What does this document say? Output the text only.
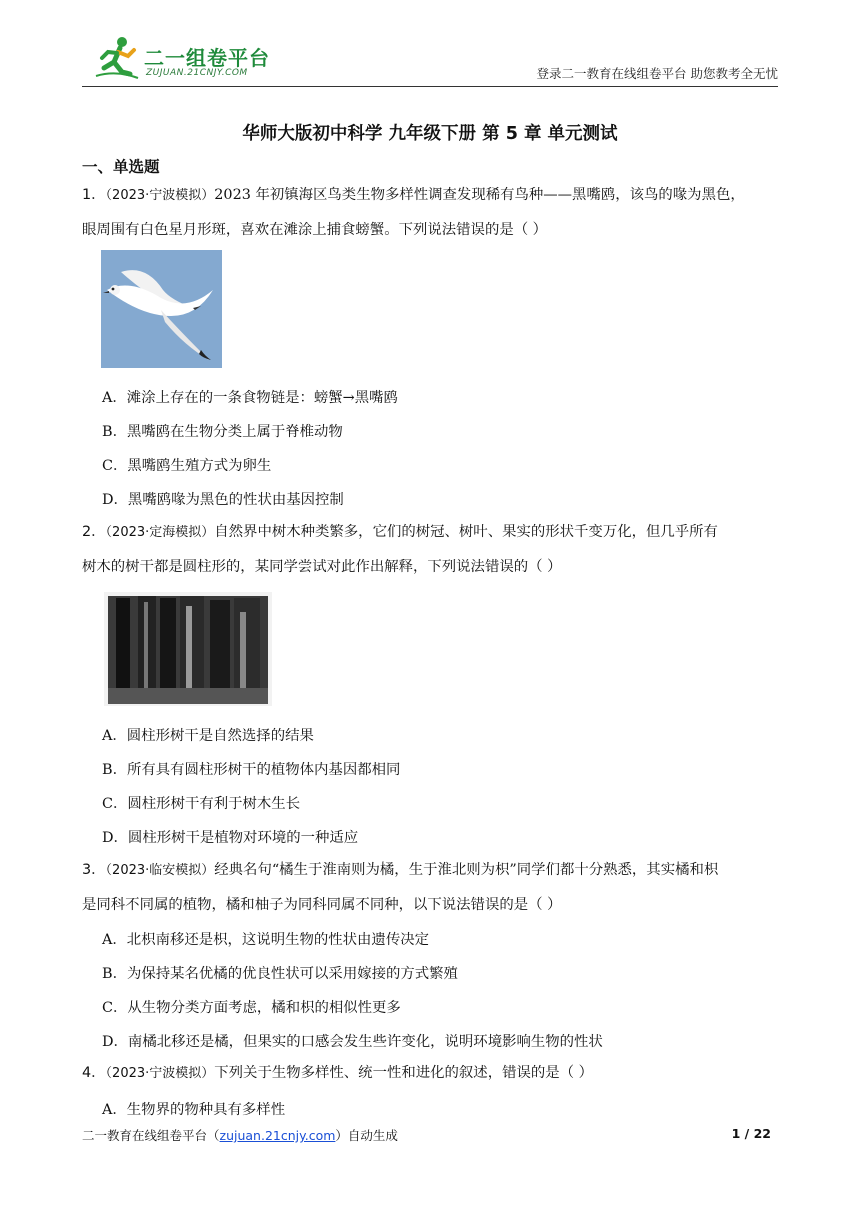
二一组卷平台
ZUJUAN.21CNJY.COM	登录二一教育在线组卷平台 助您教考全无忧
华师大版初中科学 九年级下册 第 5 章 单元测试
一、单选题
1．（2023·宁波模拟）2023 年初镇海区鸟类生物多样性调查发现稀有鸟种——黑嘴鸥，该鸟的喙为黑色，
眼周围有白色星月形斑，喜欢在滩涂上捕食螃蟹。下列说法错误的是（ ）
A．滩涂上存在的一条食物链是：螃蟹→黑嘴鸥
B．黑嘴鸥在生物分类上属于脊椎动物
C．黑嘴鸥生殖方式为卵生
D．黑嘴鸥喙为黑色的性状由基因控制
2．（2023·定海模拟）自然界中树木种类繁多，它们的树冠、树叶、果实的形状千变万化，但几乎所有
树木的树干都是圆柱形的，某同学尝试对此作出解释，下列说法错误的（ ）
A．圆柱形树干是自然选择的结果
B．所有具有圆柱形树干的植物体内基因都相同
C．圆柱形树干有利于树木生长
D．圆柱形树干是植物对环境的一种适应
3．（2023·临安模拟）经典名句“橘生于淮南则为橘，生于淮北则为枳”同学们都十分熟悉，其实橘和枳
是同科不同属的植物，橘和柚子为同科同属不同种，以下说法错误的是（ ）
A．北枳南移还是枳，这说明生物的性状由遗传决定
B．为保持某名优橘的优良性状可以采用嫁接的方式繁殖
C．从生物分类方面考虑，橘和枳的相似性更多
D．南橘北移还是橘，但果实的口感会发生些许变化，说明环境影响生物的性状
4．（2023·宁波模拟）下列关于生物多样性、统一性和进化的叙述，错误的是（ ）
A．生物界的物种具有多样性
二一教育在线组卷平台（zujuan.21cnjy.com）自动生成	1 / 22
